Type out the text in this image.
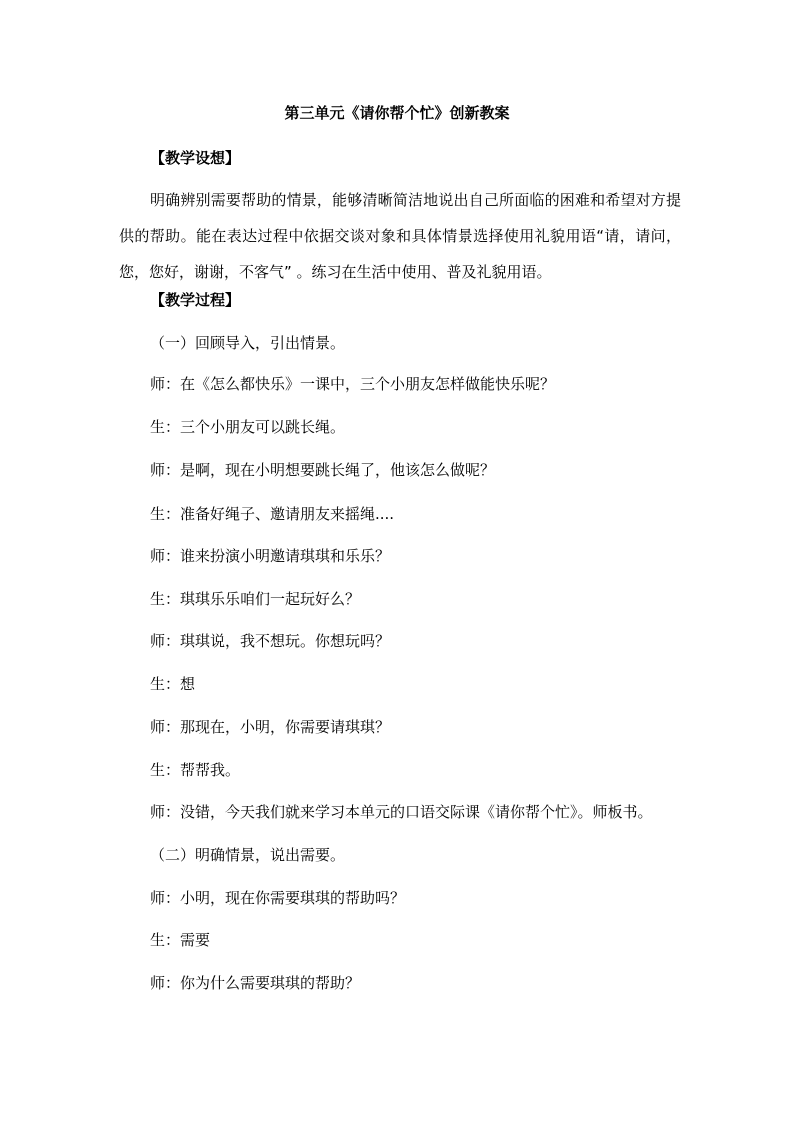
第三单元《请你帮个忙》创新教案
【教学设想】

明确辨别需要帮助的情景，能够清晰简洁地说出自己所面临的困难和希望对方提供的帮助。能在表达过程中依据交谈对象和具体情景选择使用礼貌用语“请，请问，您，您好，谢谢，不客气” 。练习在生活中使用、普及礼貌用语。

【教学过程】

（一）回顾导入，引出情景。

师：在《怎么都快乐》一课中，三个小朋友怎样做能快乐呢？

生：三个小朋友可以跳长绳。

师：是啊，现在小明想要跳长绳了，他该怎么做呢？

生：准备好绳子、邀请朋友来摇绳....

师：谁来扮演小明邀请琪琪和乐乐？

生：琪琪乐乐咱们一起玩好么？

师：琪琪说，我不想玩。你想玩吗？

生：想

师：那现在，小明，你需要请琪琪？

生：帮帮我。

师：没错，今天我们就来学习本单元的口语交际课《请你帮个忙》。师板书。

（二）明确情景，说出需要。

师：小明，现在你需要琪琪的帮助吗？

生：需要

师：你为什么需要琪琪的帮助？
